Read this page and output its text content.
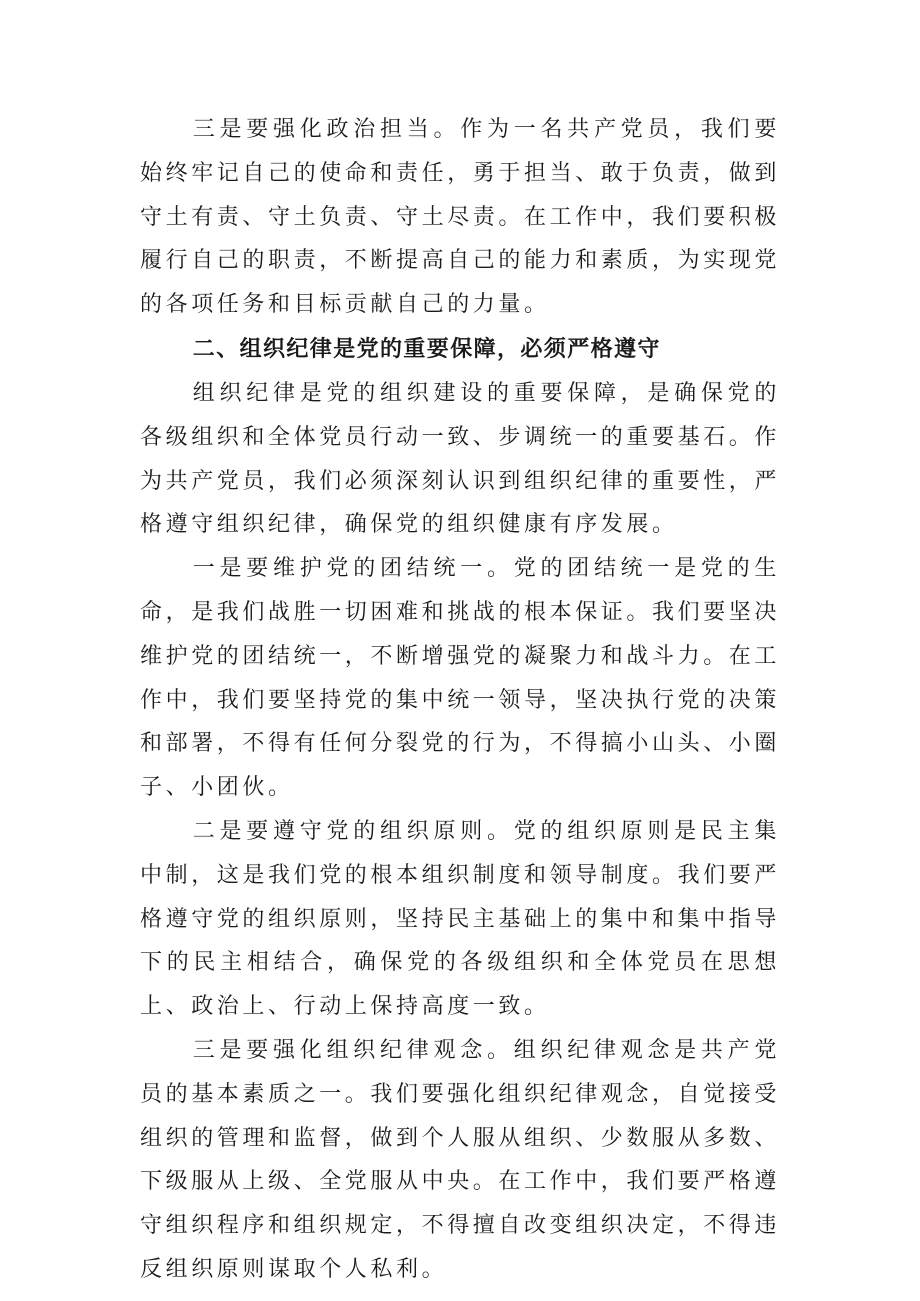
三是要强化政治担当。作为一名共产党员，我们要始终牢记自己的使命和责任，勇于担当、敢于负责，做到守土有责、守土负责、守土尽责。在工作中，我们要积极履行自己的职责，不断提高自己的能力和素质，为实现党的各项任务和目标贡献自己的力量。

二、组织纪律是党的重要保障，必须严格遵守

组织纪律是党的组织建设的重要保障，是确保党的各级组织和全体党员行动一致、步调统一的重要基石。作为共产党员，我们必须深刻认识到组织纪律的重要性，严格遵守组织纪律，确保党的组织健康有序发展。

一是要维护党的团结统一。党的团结统一是党的生命，是我们战胜一切困难和挑战的根本保证。我们要坚决维护党的团结统一，不断增强党的凝聚力和战斗力。在工作中，我们要坚持党的集中统一领导，坚决执行党的决策和部署，不得有任何分裂党的行为，不得搞小山头、小圈子、小团伙。

二是要遵守党的组织原则。党的组织原则是民主集中制，这是我们党的根本组织制度和领导制度。我们要严格遵守党的组织原则，坚持民主基础上的集中和集中指导下的民主相结合，确保党的各级组织和全体党员在思想上、政治上、行动上保持高度一致。

三是要强化组织纪律观念。组织纪律观念是共产党员的基本素质之一。我们要强化组织纪律观念，自觉接受组织的管理和监督，做到个人服从组织、少数服从多数、下级服从上级、全党服从中央。在工作中，我们要严格遵守组织程序和组织规定，不得擅自改变组织决定，不得违反组织原则谋取个人私利。
